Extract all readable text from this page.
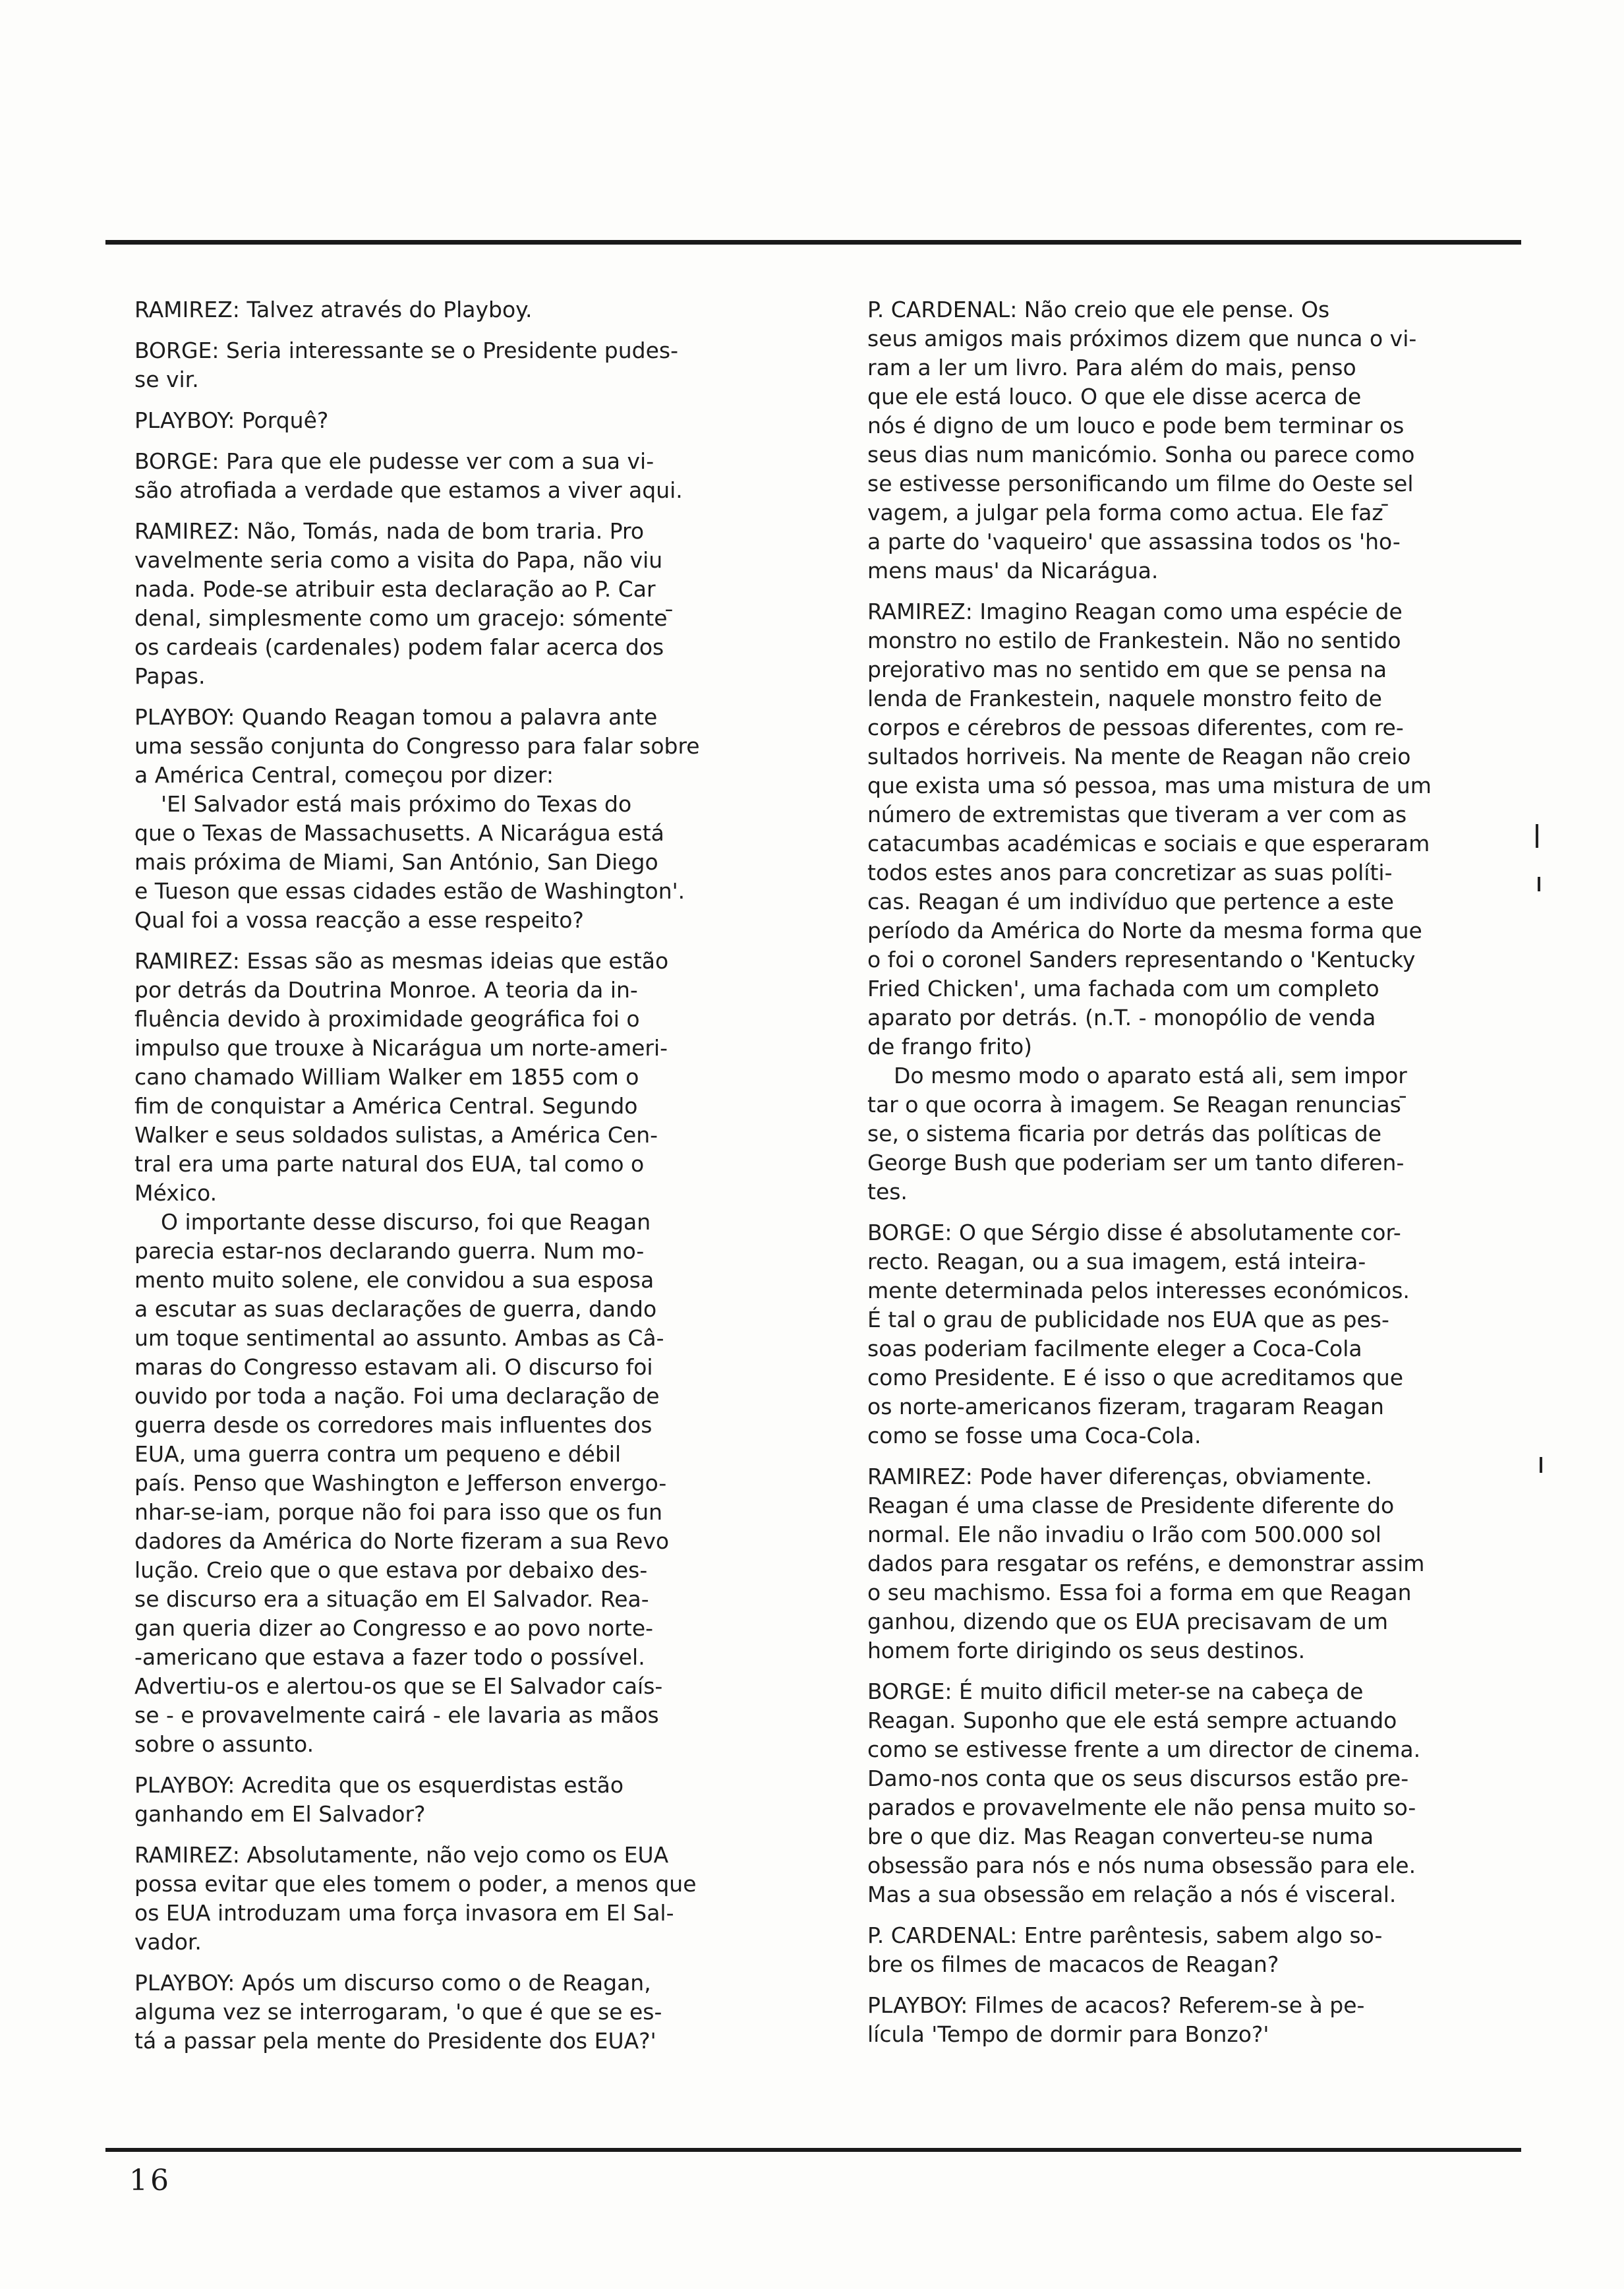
RAMIREZ: Talvez através do Playboy.

BORGE: Seria interessante se o Presidente pudes-
se vir.

PLAYBOY: Porquê?

BORGE: Para que ele pudesse ver com a sua vi-
são atrofiada a verdade que estamos a viver aqui.

RAMIREZ: Não, Tomás, nada de bom traria. Pro
vavelmente seria como a visita do Papa, não viu
nada. Pode-se atribuir esta declaração ao P. Car
denal, simplesmente como um gracejo: sómente ̄
os cardeais (cardenales) podem falar acerca dos
Papas.

PLAYBOY: Quando Reagan tomou a palavra ante
uma sessão conjunta do Congresso para falar sobre
a América Central, começou por dizer:
'El Salvador está mais próximo do Texas do
que o Texas de Massachusetts. A Nicarágua está
mais próxima de Miami, San António, San Diego
e Tueson que essas cidades estão de Washington'.
Qual foi a vossa reacção a esse respeito?

RAMIREZ: Essas são as mesmas ideias que estão
por detrás da Doutrina Monroe. A teoria da in-
fluência devido à proximidade geográfica foi o
impulso que trouxe à Nicarágua um norte-ameri-
cano chamado William Walker em 1855 com o
fim de conquistar a América Central. Segundo
Walker e seus soldados sulistas, a América Cen-
tral era uma parte natural dos EUA, tal como o
México.
O importante desse discurso, foi que Reagan
parecia estar-nos declarando guerra. Num mo-
mento muito solene, ele convidou a sua esposa
a escutar as suas declarações de guerra, dando
um toque sentimental ao assunto. Ambas as Câ-
maras do Congresso estavam ali. O discurso foi
ouvido por toda a nação. Foi uma declaração de
guerra desde os corredores mais influentes dos
EUA, uma guerra contra um pequeno e débil
país. Penso que Washington e Jefferson envergo-
nhar-se-iam, porque não foi para isso que os fun
dadores da América do Norte fizeram a sua Revo
lução. Creio que o que estava por debaixo des-
se discurso era a situação em El Salvador. Rea-
gan queria dizer ao Congresso e ao povo norte-
-americano que estava a fazer todo o possível.
Advertiu-os e alertou-os que se El Salvador caís-
se - e provavelmente cairá - ele lavaria as mãos
sobre o assunto.

PLAYBOY: Acredita que os esquerdistas estão
ganhando em El Salvador?

RAMIREZ: Absolutamente, não vejo como os EUA
possa evitar que eles tomem o poder, a menos que
os EUA introduzam uma força invasora em El Sal-
vador.

PLAYBOY: Após um discurso como o de Reagan,
alguma vez se interrogaram, 'o que é que se es-
tá a passar pela mente do Presidente dos EUA?'

P. CARDENAL: Não creio que ele pense. Os
seus amigos mais próximos dizem que nunca o vi-
ram a ler um livro. Para além do mais, penso
que ele está louco. O que ele disse acerca de
nós é digno de um louco e pode bem terminar os
seus dias num manicómio. Sonha ou parece como
se estivesse personificando um filme do Oeste sel
vagem, a julgar pela forma como actua. Ele faz ̄
a parte do 'vaqueiro' que assassina todos os 'ho-
mens maus' da Nicarágua.

RAMIREZ: Imagino Reagan como uma espécie de
monstro no estilo de Frankestein. Não no sentido
prejorativo mas no sentido em que se pensa na
lenda de Frankestein, naquele monstro feito de
corpos e cérebros de pessoas diferentes, com re-
sultados horriveis. Na mente de Reagan não creio
que exista uma só pessoa, mas uma mistura de um
número de extremistas que tiveram a ver com as
catacumbas académicas e sociais e que esperaram
todos estes anos para concretizar as suas políti-
cas. Reagan é um indivíduo que pertence a este
período da América do Norte da mesma forma que
o foi o coronel Sanders representando o 'Kentucky
Fried Chicken', uma fachada com um completo
aparato por detrás. (n.T. - monopólio de venda
de frango frito)
Do mesmo modo o aparato está ali, sem impor
tar o que ocorra à imagem. Se Reagan renuncias ̄
se, o sistema ficaria por detrás das políticas de
George Bush que poderiam ser um tanto diferen-
tes.

BORGE: O que Sérgio disse é absolutamente cor-
recto. Reagan, ou a sua imagem, está inteira-
mente determinada pelos interesses económicos.
É tal o grau de publicidade nos EUA que as pes-
soas poderiam facilmente eleger a Coca-Cola
como Presidente. E é isso o que acreditamos que
os norte-americanos fizeram, tragaram Reagan
como se fosse uma Coca-Cola.

RAMIREZ: Pode haver diferenças, obviamente.
Reagan é uma classe de Presidente diferente do
normal. Ele não invadiu o Irão com 500.000 sol
dados para resgatar os reféns, e demonstrar assim
o seu machismo. Essa foi a forma em que Reagan
ganhou, dizendo que os EUA precisavam de um
homem forte dirigindo os seus destinos.

BORGE: É muito dificil meter-se na cabeça de
Reagan. Suponho que ele está sempre actuando
como se estivesse frente a um director de cinema.
Damo-nos conta que os seus discursos estão pre-
parados e provavelmente ele não pensa muito so-
bre o que diz. Mas Reagan converteu-se numa
obsessão para nós e nós numa obsessão para ele.
Mas a sua obsessão em relação a nós é visceral.

P. CARDENAL: Entre parêntesis, sabem algo so-
bre os filmes de macacos de Reagan?

PLAYBOY: Filmes de acacos? Referem-se à pe-
lícula 'Tempo de dormir para Bonzo?'

16
